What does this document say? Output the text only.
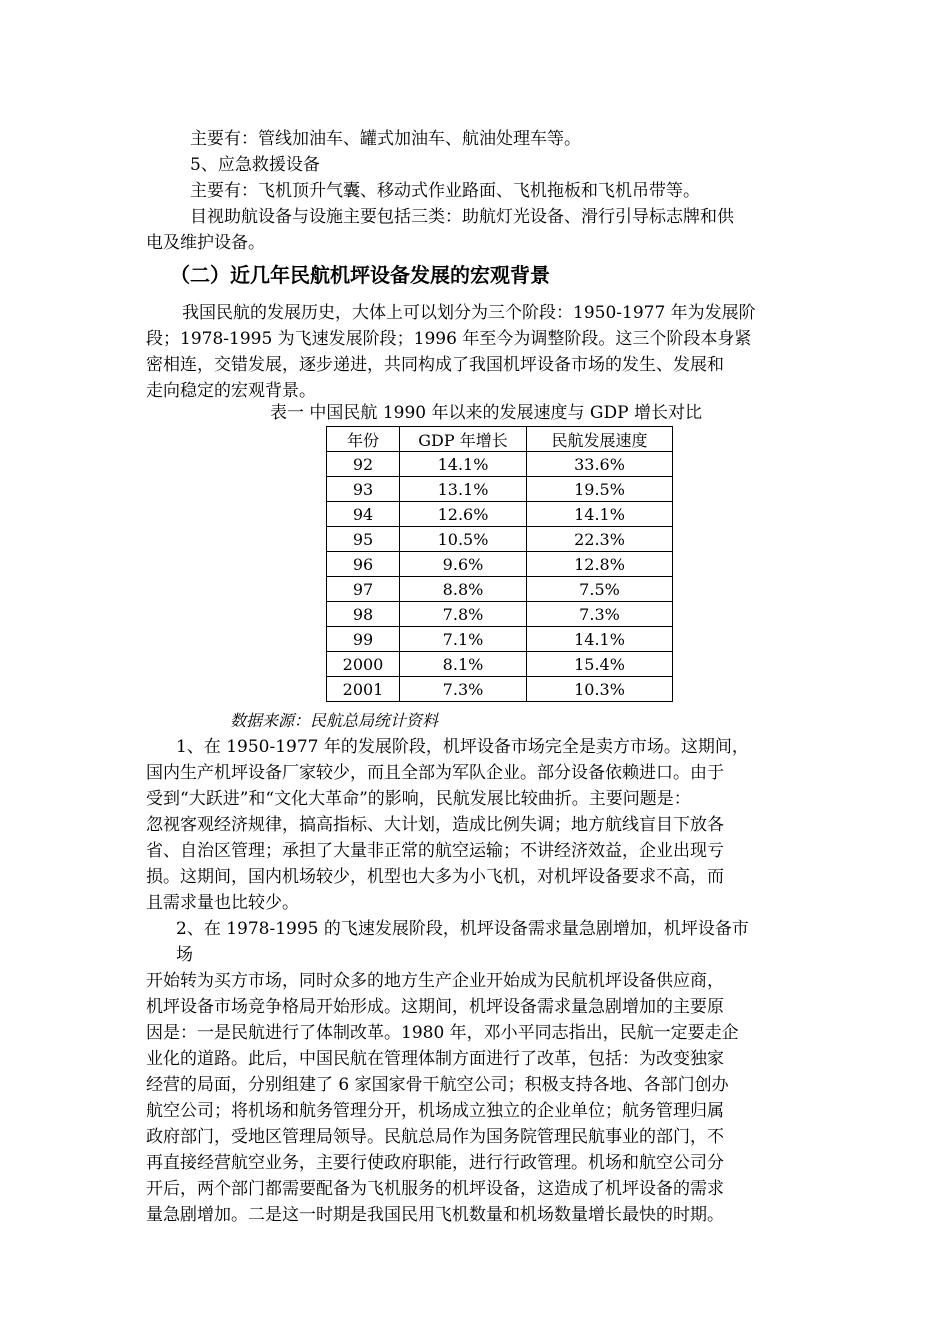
主要有：管线加油车、罐式加油车、航油处理车等。
5、应急救援设备
主要有：飞机顶升气囊、移动式作业路面、飞机拖板和飞机吊带等。
目视助航设备与设施主要包括三类：助航灯光设备、滑行引导标志牌和供
电及维护设备。
（二）近几年民航机坪设备发展的宏观背景
我国民航的发展历史，大体上可以划分为三个阶段：1950-1977 年为发展阶
段；1978-1995 为飞速发展阶段；1996 年至今为调整阶段。这三个阶段本身紧
密相连，交错发展，逐步递进，共同构成了我国机坪设备市场的发生、发展和
走向稳定的宏观背景。
表一 中国民航 1990 年以来的发展速度与 GDP 增长对比
年份	GDP 年增长	民航发展速度
92	14.1%	33.6%
93	13.1%	19.5%
94	12.6%	14.1%
95	10.5%	22.3%
96	9.6%	12.8%
97	8.8%	7.5%
98	7.8%	7.3%
99	7.1%	14.1%
2000	8.1%	15.4%
2001	7.3%	10.3%
数据来源：民航总局统计资料
1、在 1950-1977 年的发展阶段，机坪设备市场完全是卖方市场。这期间，
国内生产机坪设备厂家较少，而且全部为军队企业。部分设备依赖进口。由于
受到“大跃进”和“文化大革命”的影响，民航发展比较曲折。主要问题是：
忽视客观经济规律，搞高指标、大计划，造成比例失调；地方航线盲目下放各
省、自治区管理；承担了大量非正常的航空运输；不讲经济效益，企业出现亏
损。这期间，国内机场较少，机型也大多为小飞机，对机坪设备要求不高，而
且需求量也比较少。
2、在 1978-1995 的飞速发展阶段，机坪设备需求量急剧增加，机坪设备市
场
开始转为买方市场，同时众多的地方生产企业开始成为民航机坪设备供应商，
机坪设备市场竞争格局开始形成。这期间，机坪设备需求量急剧增加的主要原
因是：一是民航进行了体制改革。1980 年，邓小平同志指出，民航一定要走企
业化的道路。此后，中国民航在管理体制方面进行了改革，包括：为改变独家
经营的局面，分别组建了 6 家国家骨干航空公司；积极支持各地、各部门创办
航空公司；将机场和航务管理分开，机场成立独立的企业单位；航务管理归属
政府部门，受地区管理局领导。民航总局作为国务院管理民航事业的部门，不
再直接经营航空业务，主要行使政府职能，进行行政管理。机场和航空公司分
开后，两个部门都需要配备为飞机服务的机坪设备，这造成了机坪设备的需求
量急剧增加。二是这一时期是我国民用飞机数量和机场数量增长最快的时期。
